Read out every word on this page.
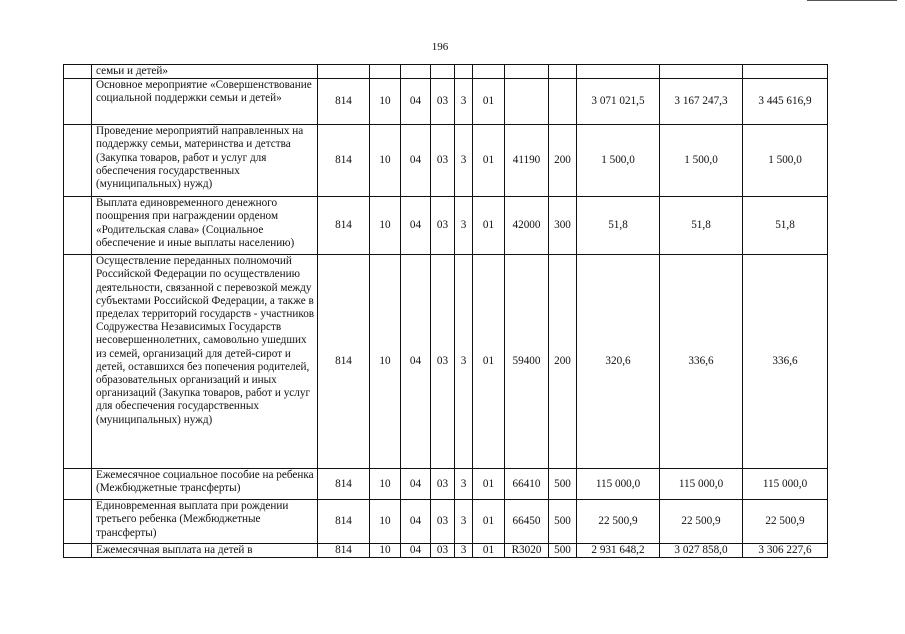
196
	семьи и детей»											
	Основное мероприятие «Совершенствование социальной поддержки семьи и детей»	814	10	04	03	3	01			3 071 021,5	3 167 247,3	3 445 616,9
	Проведение мероприятий направленных на поддержку семьи, материнства и детства (Закупка товаров, работ и услуг для обеспечения государственных (муниципальных) нужд)	814	10	04	03	3	01	41190	200	1 500,0	1 500,0	1 500,0
	Выплата единовременного денежного поощрения при награждении орденом «Родительская слава» (Социальное обеспечение и иные выплаты населению)	814	10	04	03	3	01	42000	300	51,8	51,8	51,8
	Осуществление переданных полномочий Российской Федерации по осуществлению деятельности, связанной с перевозкой между субъектами Российской Федерации, а также в пределах территорий государств - участников Содружества Независимых Государств несовершеннолетних, самовольно ушедших из семей, организаций для детей-сирот и детей, оставшихся без попечения родителей, образовательных организаций и иных организаций (Закупка товаров, работ и услуг для обеспечения государственных (муниципальных) нужд)	814	10	04	03	3	01	59400	200	320,6	336,6	336,6
	Ежемесячное социальное пособие на ребенка (Межбюджетные трансферты)	814	10	04	03	3	01	66410	500	115 000,0	115 000,0	115 000,0
	Единовременная выплата при рождении третьего ребенка (Межбюджетные трансферты)	814	10	04	03	3	01	66450	500	22 500,9	22 500,9	22 500,9
	Ежемесячная выплата на детей в	814	10	04	03	3	01	R3020	500	2 931 648,2	3 027 858,0	3 306 227,6
